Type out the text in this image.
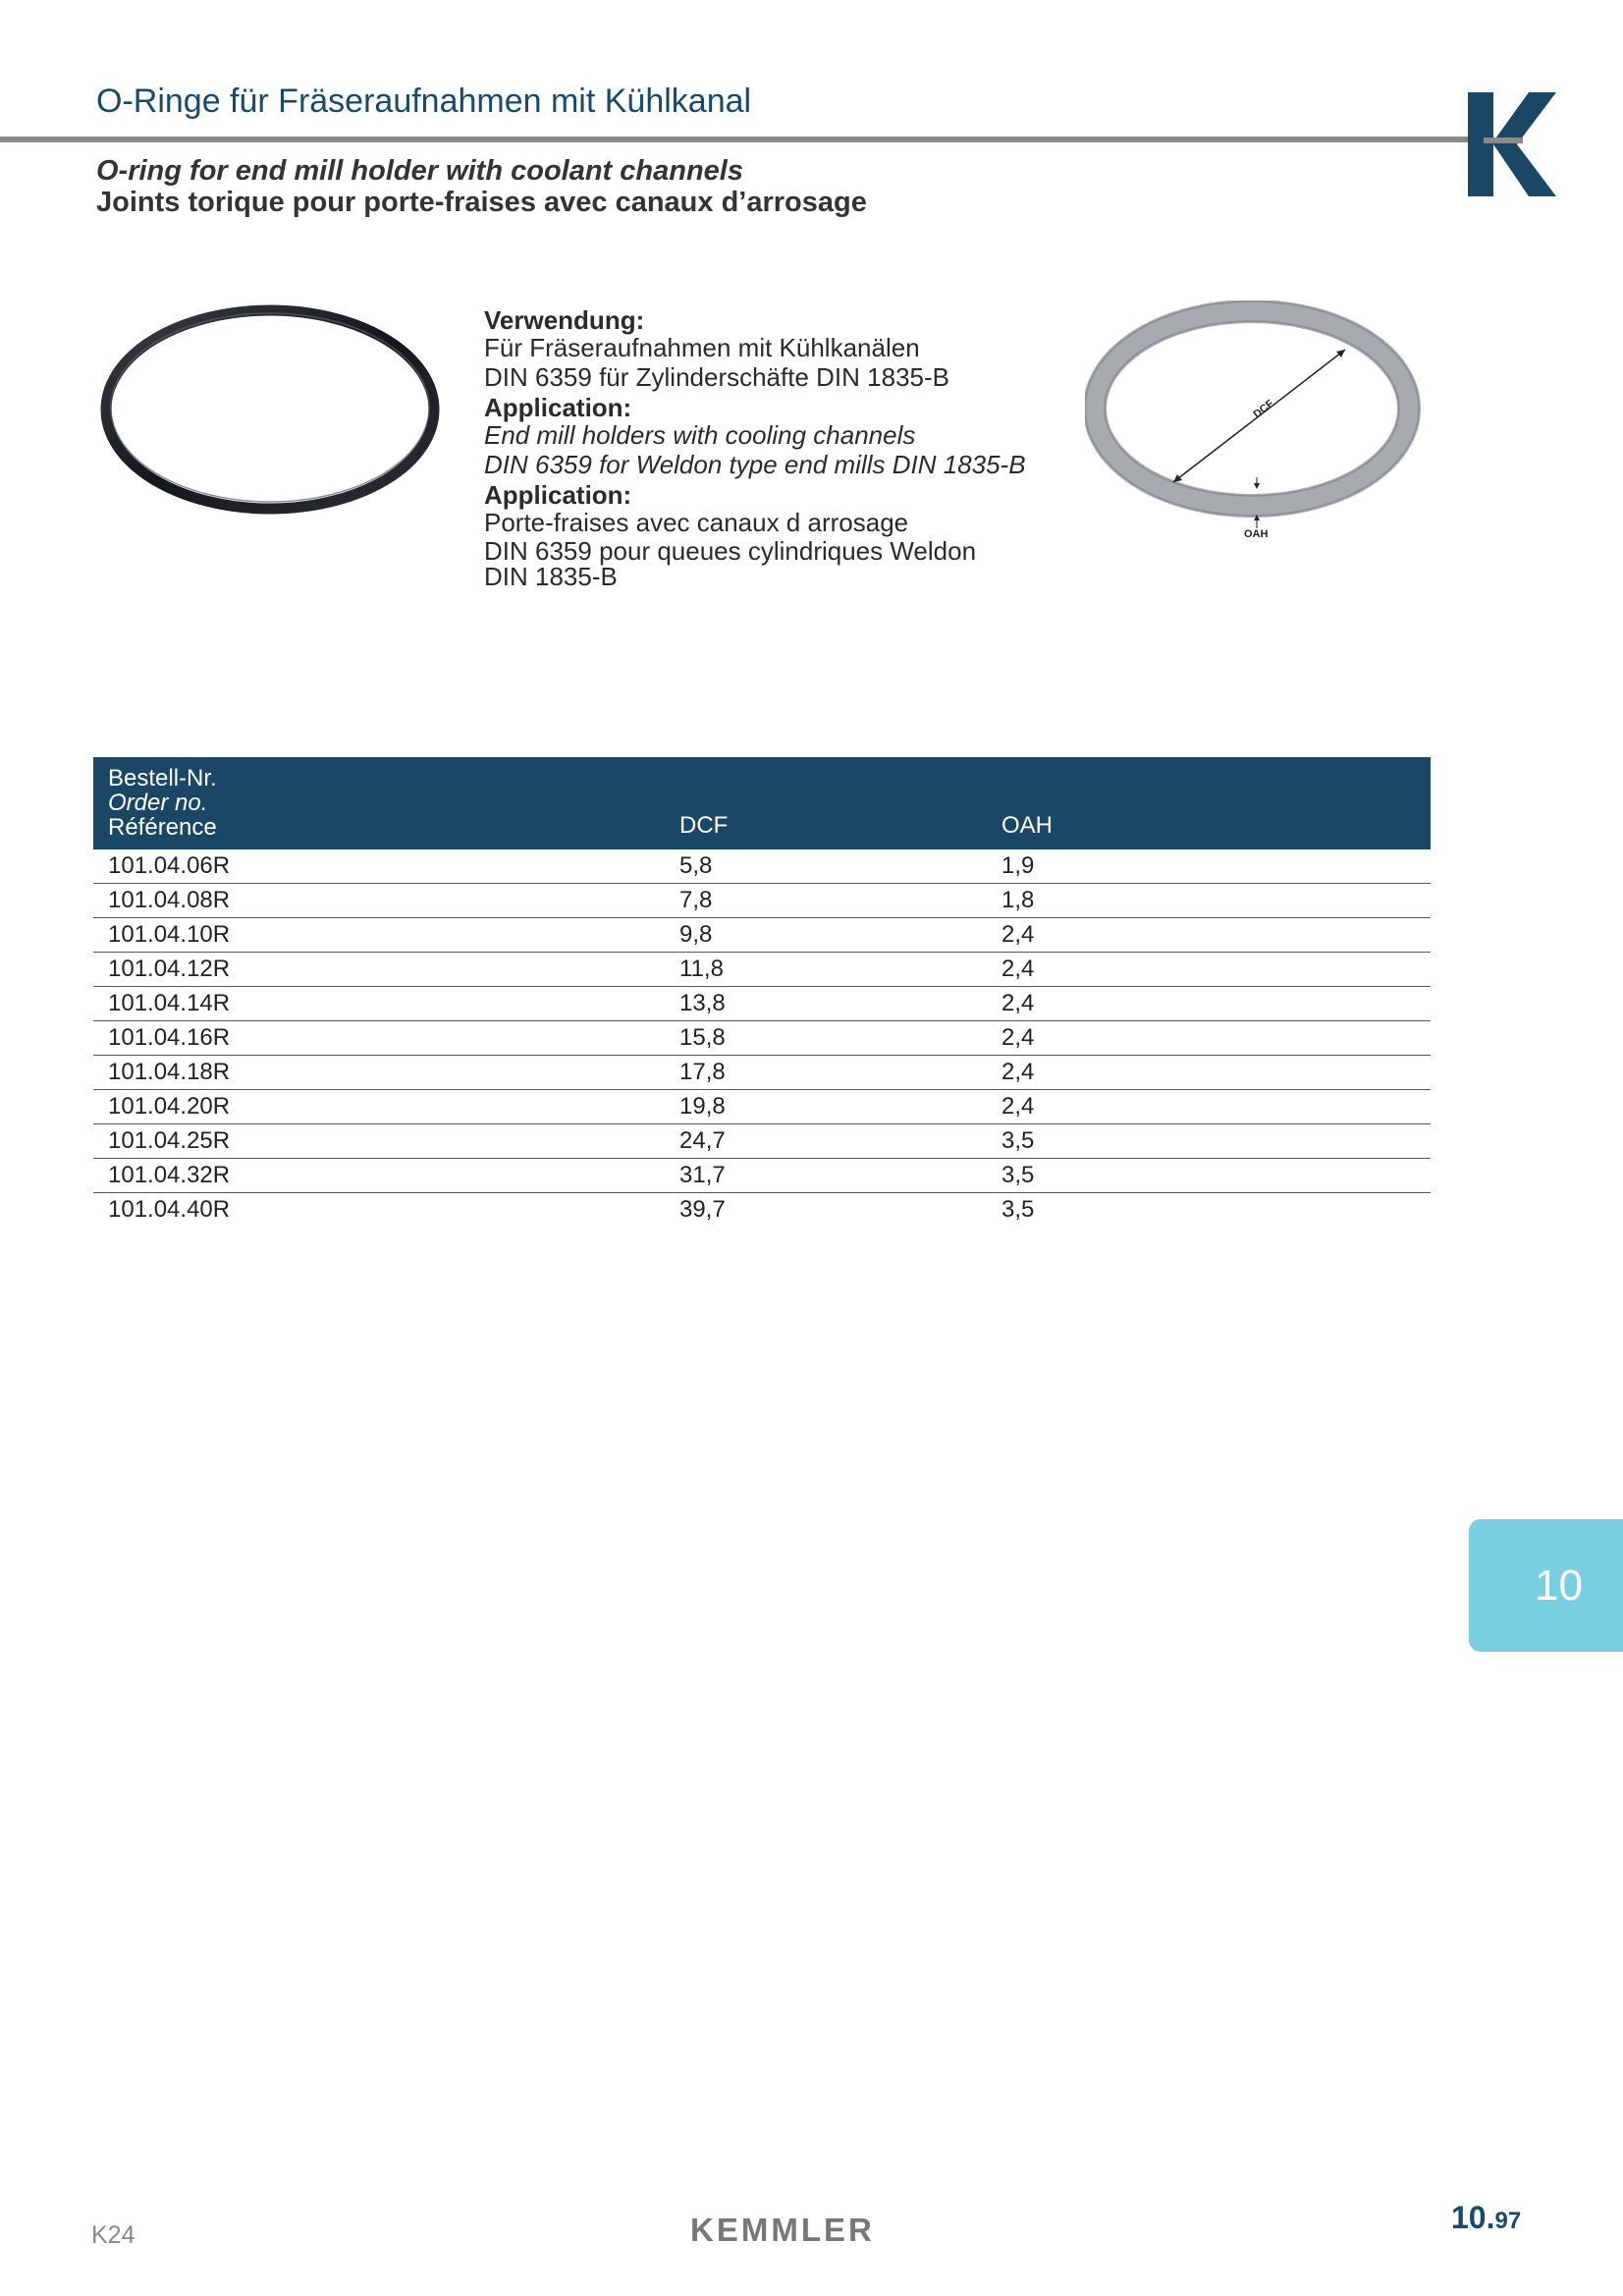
O-Ringe für Fräseraufnahmen mit Kühlkanal
O-ring for end mill holder with coolant channels
Joints torique pour porte-fraises avec canaux d’arrosage
Verwendung:
Für Fräseraufnahmen mit Kühlkanälen
DIN 6359 für Zylinderschäfte DIN 1835-B
Application:
End mill holders with cooling channels
DIN 6359 for Weldon type end mills DIN 1835-B
Application:
Porte-fraises avec canaux d arrosage
DIN 6359 pour queues cylindriques Weldon
DIN 1835-B
DCF
OAH
Bestell-Nr.
Order no.
Référence	DCF	OAH
101.04.06R	5,8	1,9
101.04.08R	7,8	1,8
101.04.10R	9,8	2,4
101.04.12R	11,8	2,4
101.04.14R	13,8	2,4
101.04.16R	15,8	2,4
101.04.18R	17,8	2,4
101.04.20R	19,8	2,4
101.04.25R	24,7	3,5
101.04.32R	31,7	3,5
101.04.40R	39,7	3,5
10
K24	KEMMLER	10.97
